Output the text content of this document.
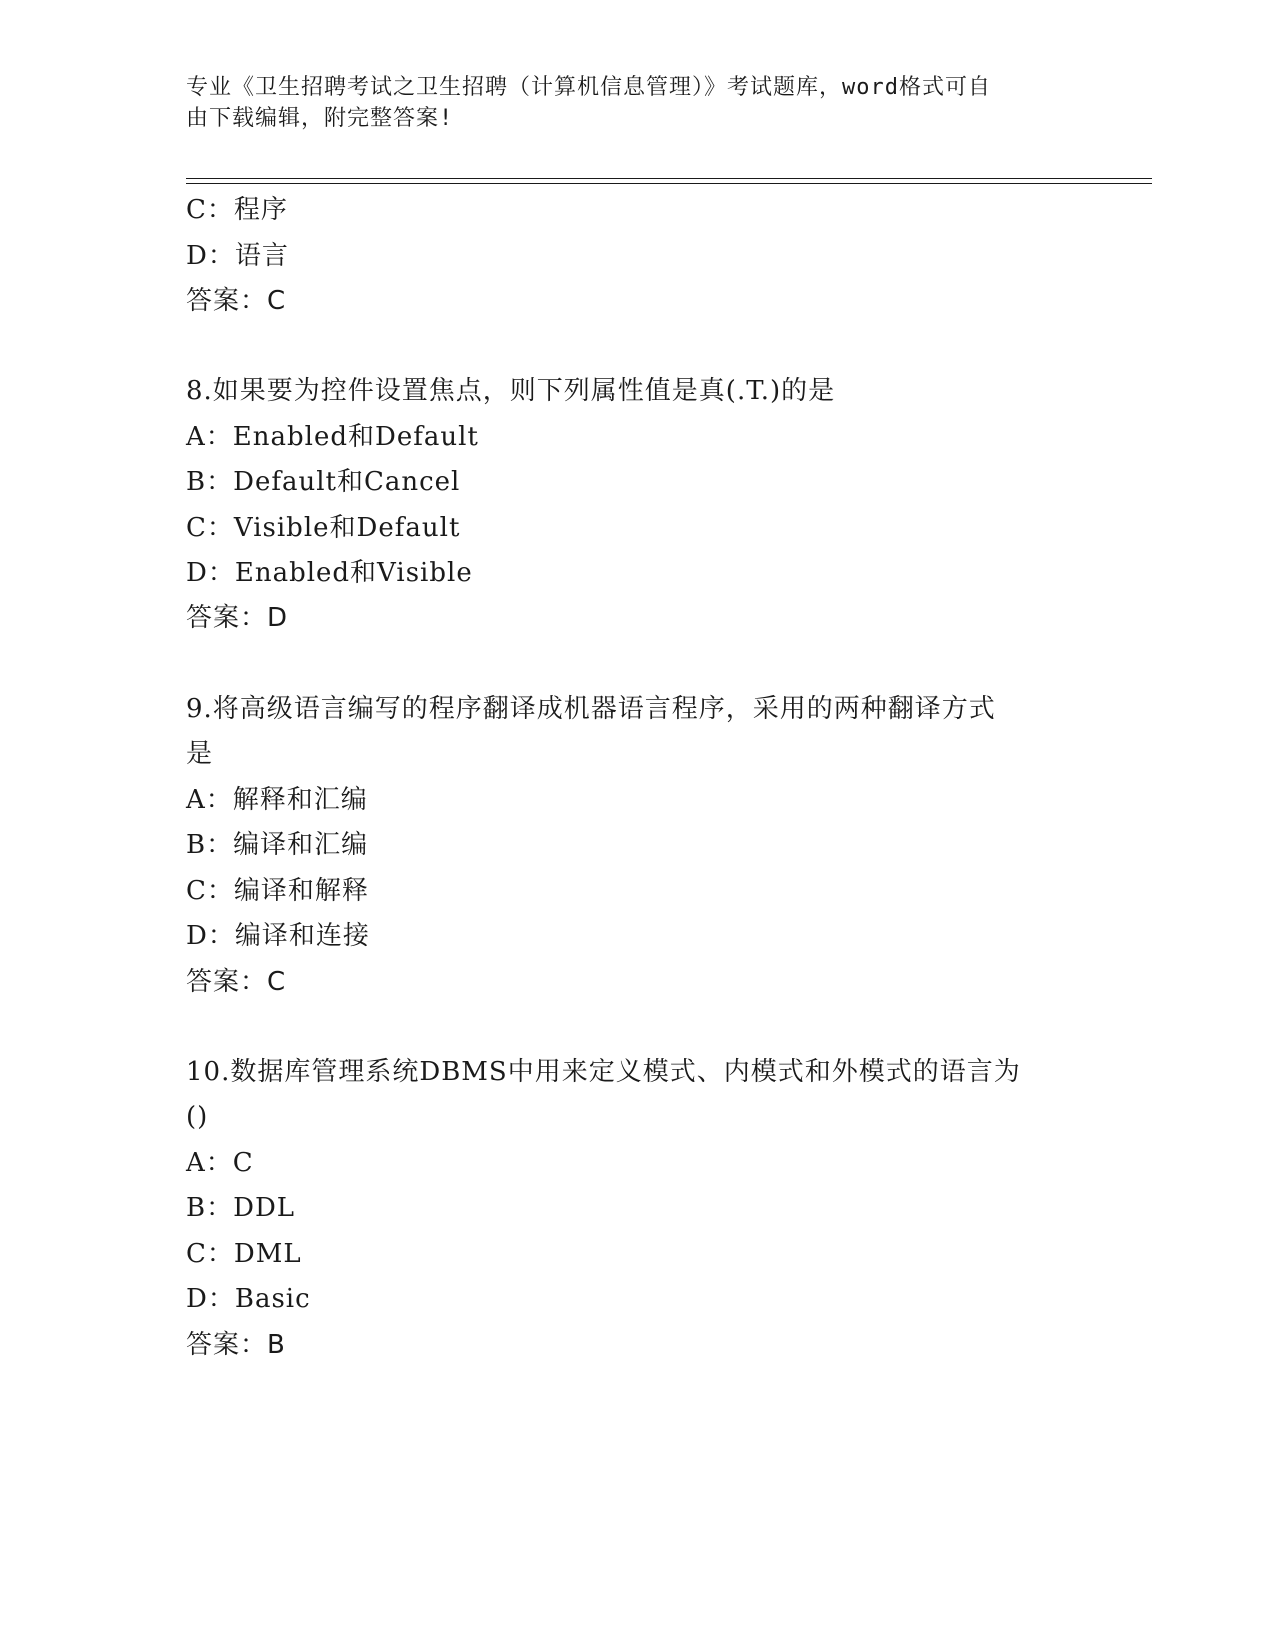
专业《卫生招聘考试之卫生招聘（计算机信息管理）》考试题库，word格式可自
由下载编辑，附完整答案!
C：程序
D：语言
答案：C
8.如果要为控件设置焦点，则下列属性值是真(.T.)的是
A：Enabled和Default
B：Default和Cancel
C：Visible和Default
D：Enabled和Visible
答案：D
9.将高级语言编写的程序翻译成机器语言程序，采用的两种翻译方式
是
A：解释和汇编
B：编译和汇编
C：编译和解释
D：编译和连接
答案：C
10.数据库管理系统DBMS中用来定义模式、内模式和外模式的语言为
()
A：C
B：DDL
C：DML
D：Basic
答案：B
